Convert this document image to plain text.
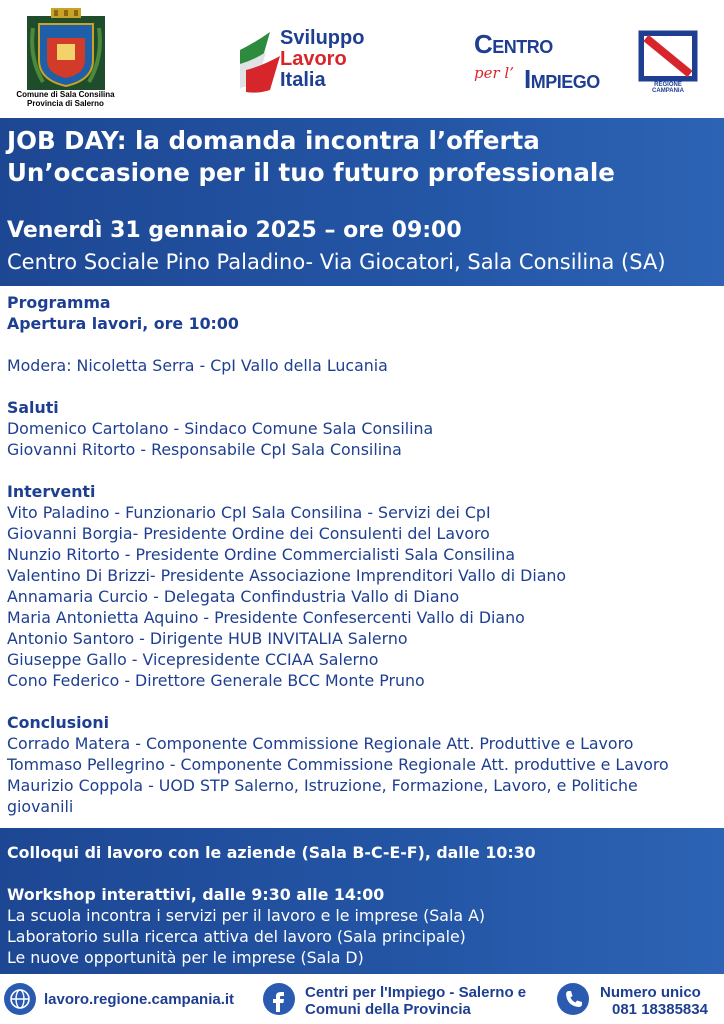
Comune di Sala Consilina
Provincia di Salerno
Sviluppo
Lavoro
Italia
Centro
per l’ Impiego	REGIONE CAMPANIA
JOB DAY: la domanda incontra l’offerta
Un’occasione per il tuo futuro professionale
Venerdì 31 gennaio 2025 – ore 09:00
Centro Sociale Pino Paladino- Via Giocatori, Sala Consilina (SA)
Programma
Apertura lavori, ore 10:00
Modera: Nicoletta Serra - CpI Vallo della Lucania
Saluti
Domenico Cartolano - Sindaco Comune Sala Consilina
Giovanni Ritorto - Responsabile CpI Sala Consilina
Interventi
Vito Paladino - Funzionario CpI Sala Consilina - Servizi dei CpI
Giovanni Borgia- Presidente Ordine dei Consulenti del Lavoro
Nunzio Ritorto - Presidente Ordine Commercialisti Sala Consilina
Valentino Di Brizzi- Presidente Associazione Imprenditori Vallo di Diano
Annamaria Curcio - Delegata Confindustria Vallo di Diano
Maria Antonietta Aquino - Presidente Confesercenti Vallo di Diano
Antonio Santoro - Dirigente HUB INVITALIA Salerno
Giuseppe Gallo - Vicepresidente CCIAA Salerno
Cono Federico - Direttore Generale BCC Monte Pruno
Conclusioni
Corrado Matera - Componente Commissione Regionale Att. Produttive e Lavoro
Tommaso Pellegrino - Componente Commissione Regionale Att. produttive e Lavoro
Maurizio Coppola - UOD STP Salerno, Istruzione, Formazione, Lavoro, e Politiche
giovanili
Colloqui di lavoro con le aziende (Sala B-C-E-F), dalle 10:30
Workshop interattivi, dalle 9:30 alle 14:00
La scuola incontra i servizi per il lavoro e le imprese (Sala A)
Laboratorio sulla ricerca attiva del lavoro (Sala principale)
Le nuove opportunità per le imprese (Sala D)
lavoro.regione.campania.it	Centri per l'Impiego - Salerno e
Comuni della Provincia
Numero unico
081 18385834
